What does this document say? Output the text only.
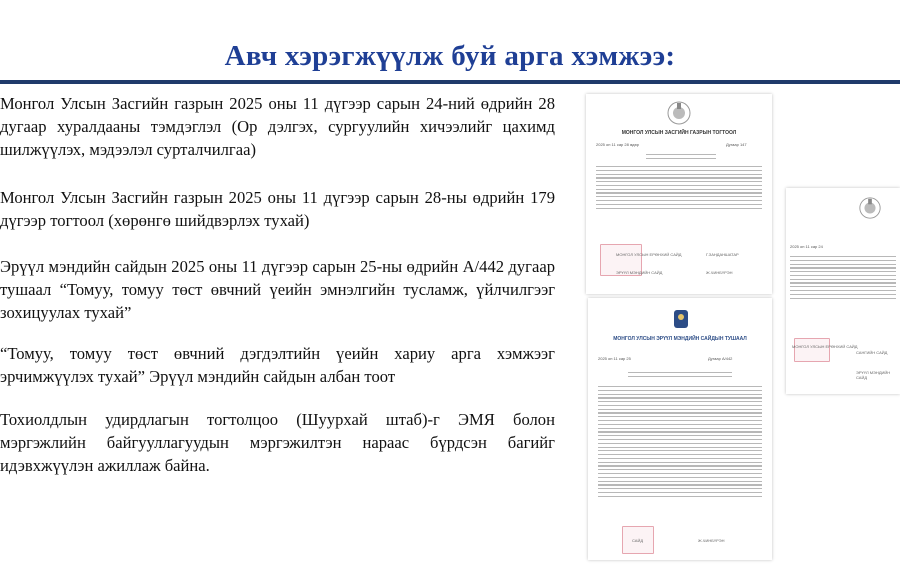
Авч хэрэгжүүлж буй арга хэмжээ:

Монгол Улсын Засгийн газрын 2025 оны 11 дүгээр сарын 24-ний өдрийн 28 дугаар хуралдааны тэмдэглэл (Ор дэлгэх, сургуулийн хичээлийг цахимд шилжүүлэх, мэдээлэл сурталчилгаа)

Монгол Улсын Засгийн газрын 2025 оны 11 дүгээр сарын 28-ны өдрийн 179 дүгээр тогтоол (хөрөнгө шийдвэрлэх тухай)

Эрүүл мэндийн сайдын 2025 оны 11 дүгээр сарын 25-ны өдрийн А/442 дугаар тушаал “Томуу, томуу төст өвчний үеийн эмнэлгийн тусламж, үйлчилгээг зохицуулах тухай”

“Томуу, томуу төст өвчний дэгдэлтийн үеийн хариу арга хэмжээг эрчимжүүлэх тухай” Эрүүл мэндийн сайдын албан тоот

Тохиолдлын удирдлагын тогтолцоо (Шуурхай штаб)-г ЭМЯ болон мэргэжлийн байгууллагуудын мэргэжилтэн нараас бүрдсэн багийг идэвхжүүлэн ажиллаж байна.

МОНГОЛ УЛСЫН ЗАСГИЙН ГАЗРЫН ТОГТООЛ
2025 он 11 сар 28 өдөр	Дугаар 147
МОНГОЛ УЛСЫН ЕРӨНХИЙ САЙД	Г.ЗАНДАНШАТАР
ЭРҮҮЛ МЭНДИЙН САЙД	Ж.ЧИНБҮРЭН
МОНГОЛ УЛСЫН ЭРҮҮЛ МЭНДИЙН САЙДЫН ТУШААЛ
2025 он 11 сар 25	Дугаар А/442
САЙД	Ж.ЧИНБҮРЭН
2025 он 11 сар 24
МОНГОЛ УЛСЫН ЕРӨНХИЙ САЙД
САНГИЙН САЙД
ЭРҮҮЛ МЭНДИЙН САЙД
